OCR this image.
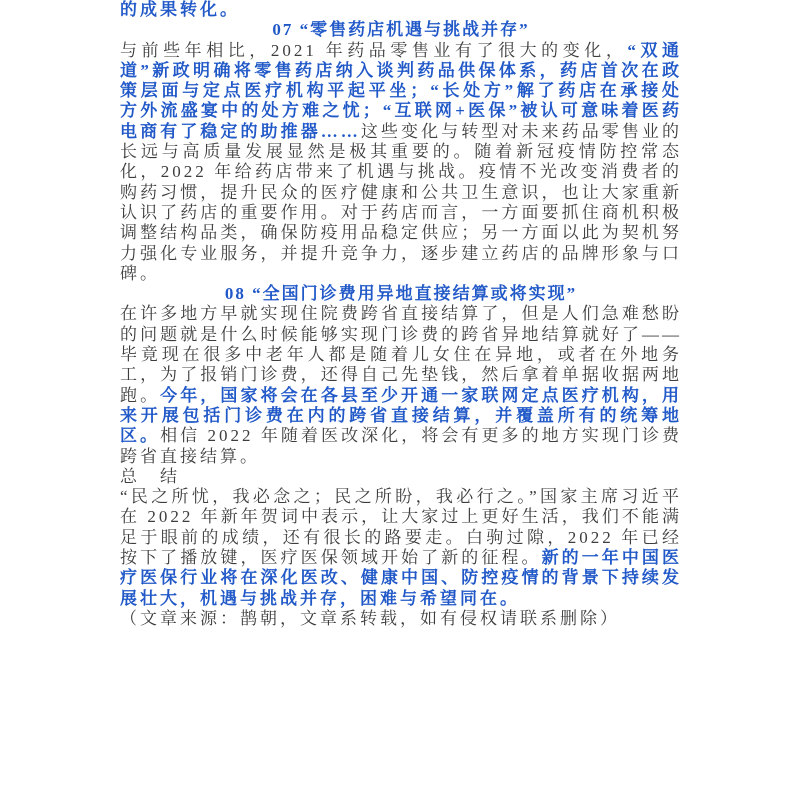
的成果转化。

07 “零售药店机遇与挑战并存”

与前些年相比，2021 年药品零售业有了很大的变化，“双通道”新政明确将零售药店纳入谈判药品供保体系，药店首次在政策层面与定点医疗机构平起平坐；“长处方”解了药店在承接处方外流盛宴中的处方难之忧；“互联网+医保”被认可意味着医药电商有了稳定的助推器……这些变化与转型对未来药品零售业的长远与高质量发展显然是极其重要的。随着新冠疫情防控常态化，2022 年给药店带来了机遇与挑战。疫情不光改变消费者的购药习惯，提升民众的医疗健康和公共卫生意识，也让大家重新认识了药店的重要作用。对于药店而言，一方面要抓住商机积极调整结构品类，确保防疫用品稳定供应；另一方面以此为契机努力强化专业服务，并提升竞争力，逐步建立药店的品牌形象与口碑。

08 “全国门诊费用异地直接结算或将实现”

在许多地方早就实现住院费跨省直接结算了，但是人们急难愁盼的问题就是什么时候能够实现门诊费的跨省异地结算就好了——毕竟现在很多中老年人都是随着儿女住在异地，或者在外地务工，为了报销门诊费，还得自己先垫钱，然后拿着单据收据两地跑。今年，国家将会在各县至少开通一家联网定点医疗机构，用来开展包括门诊费在内的跨省直接结算，并覆盖所有的统筹地区。相信 2022 年随着医改深化，将会有更多的地方实现门诊费跨省直接结算。

总　结

“民之所忧，我必念之；民之所盼，我必行之。”国家主席习近平在 2022 年新年贺词中表示，让大家过上更好生活，我们不能满足于眼前的成绩，还有很长的路要走。白驹过隙，2022 年已经按下了播放键，医疗医保领域开始了新的征程。新的一年中国医疗医保行业将在深化医改、健康中国、防控疫情的背景下持续发展壮大，机遇与挑战并存，困难与希望同在。

（文章来源：鹊朝，文章系转载，如有侵权请联系删除）
